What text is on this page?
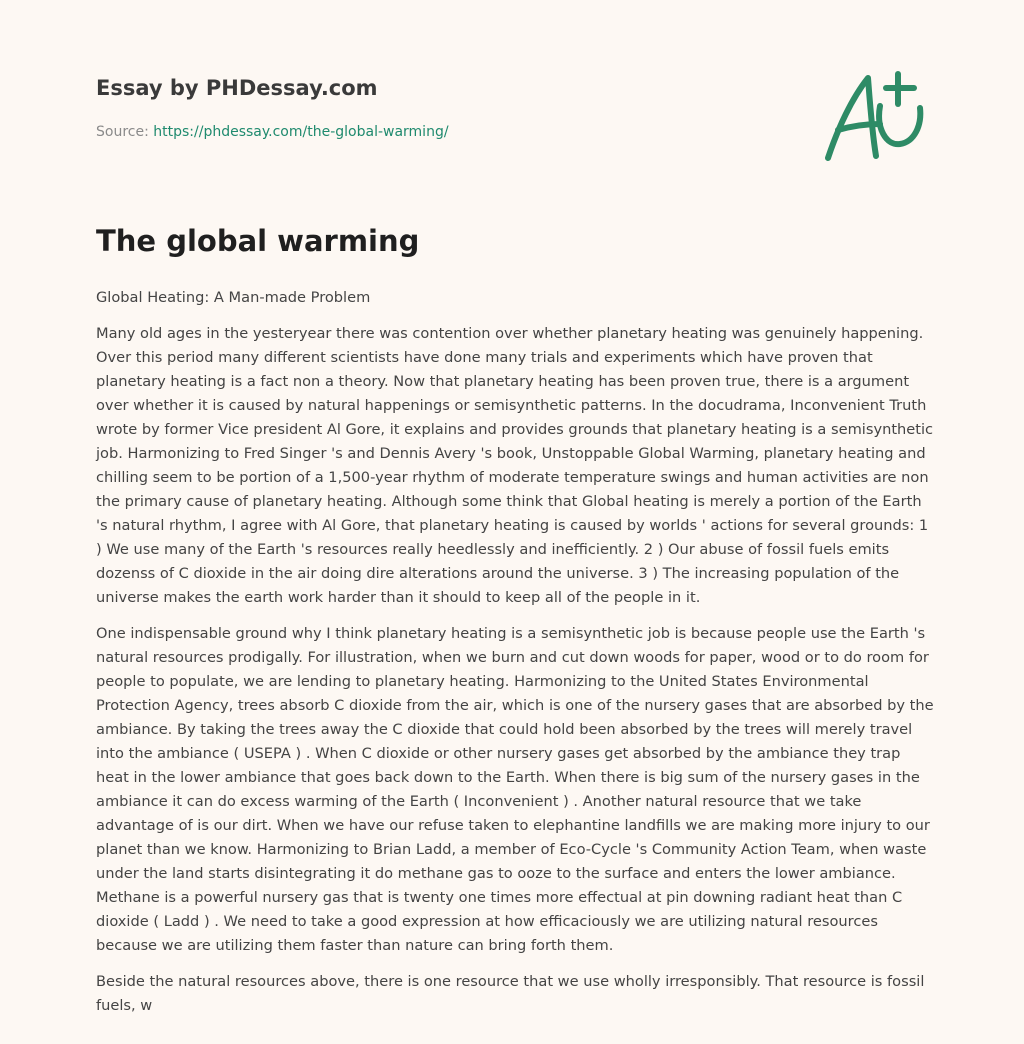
Essay by PHDessay.com
Source: https://phdessay.com/the-global-warming/
The global warming

Global Heating: A Man-made Problem

Many old ages in the yesteryear there was contention over whether planetary heating was genuinely happening. Over this period many different scientists have done many trials and experiments which have proven that planetary heating is a fact non a theory. Now that planetary heating has been proven true, there is a argument over whether it is caused by natural happenings or semisynthetic patterns. In the docudrama, Inconvenient Truth wrote by former Vice president Al Gore, it explains and provides grounds that planetary heating is a semisynthetic job. Harmonizing to Fred Singer 's and Dennis Avery 's book, Unstoppable Global Warming, planetary heating and chilling seem to be portion of a 1,500-year rhythm of moderate temperature swings and human activities are non the primary cause of planetary heating. Although some think that Global heating is merely a portion of the Earth 's natural rhythm, I agree with Al Gore, that planetary heating is caused by worlds ' actions for several grounds: 1 ) We use many of the Earth 's resources really heedlessly and inefficiently. 2 ) Our abuse of fossil fuels emits dozenss of C dioxide in the air doing dire alterations around the universe. 3 ) The increasing population of the universe makes the earth work harder than it should to keep all of the people in it.

One indispensable ground why I think planetary heating is a semisynthetic job is because people use the Earth 's natural resources prodigally. For illustration, when we burn and cut down woods for paper, wood or to do room for people to populate, we are lending to planetary heating. Harmonizing to the United States Environmental Protection Agency, trees absorb C dioxide from the air, which is one of the nursery gases that are absorbed by the ambiance. By taking the trees away the C dioxide that could hold been absorbed by the trees will merely travel into the ambiance ( USEPA ) . When C dioxide or other nursery gases get absorbed by the ambiance they trap heat in the lower ambiance that goes back down to the Earth. When there is big sum of the nursery gases in the ambiance it can do excess warming of the Earth ( Inconvenient ) . Another natural resource that we take advantage of is our dirt. When we have our refuse taken to elephantine landfills we are making more injury to our planet than we know. Harmonizing to Brian Ladd, a member of Eco-Cycle 's Community Action Team, when waste under the land starts disintegrating it do methane gas to ooze to the surface and enters the lower ambiance. Methane is a powerful nursery gas that is twenty one times more effectual at pin downing radiant heat than C dioxide ( Ladd ) . We need to take a good expression at how efficaciously we are utilizing natural resources because we are utilizing them faster than nature can bring forth them.

Beside the natural resources above, there is one resource that we use wholly irresponsibly. That resource is fossil fuels, w
